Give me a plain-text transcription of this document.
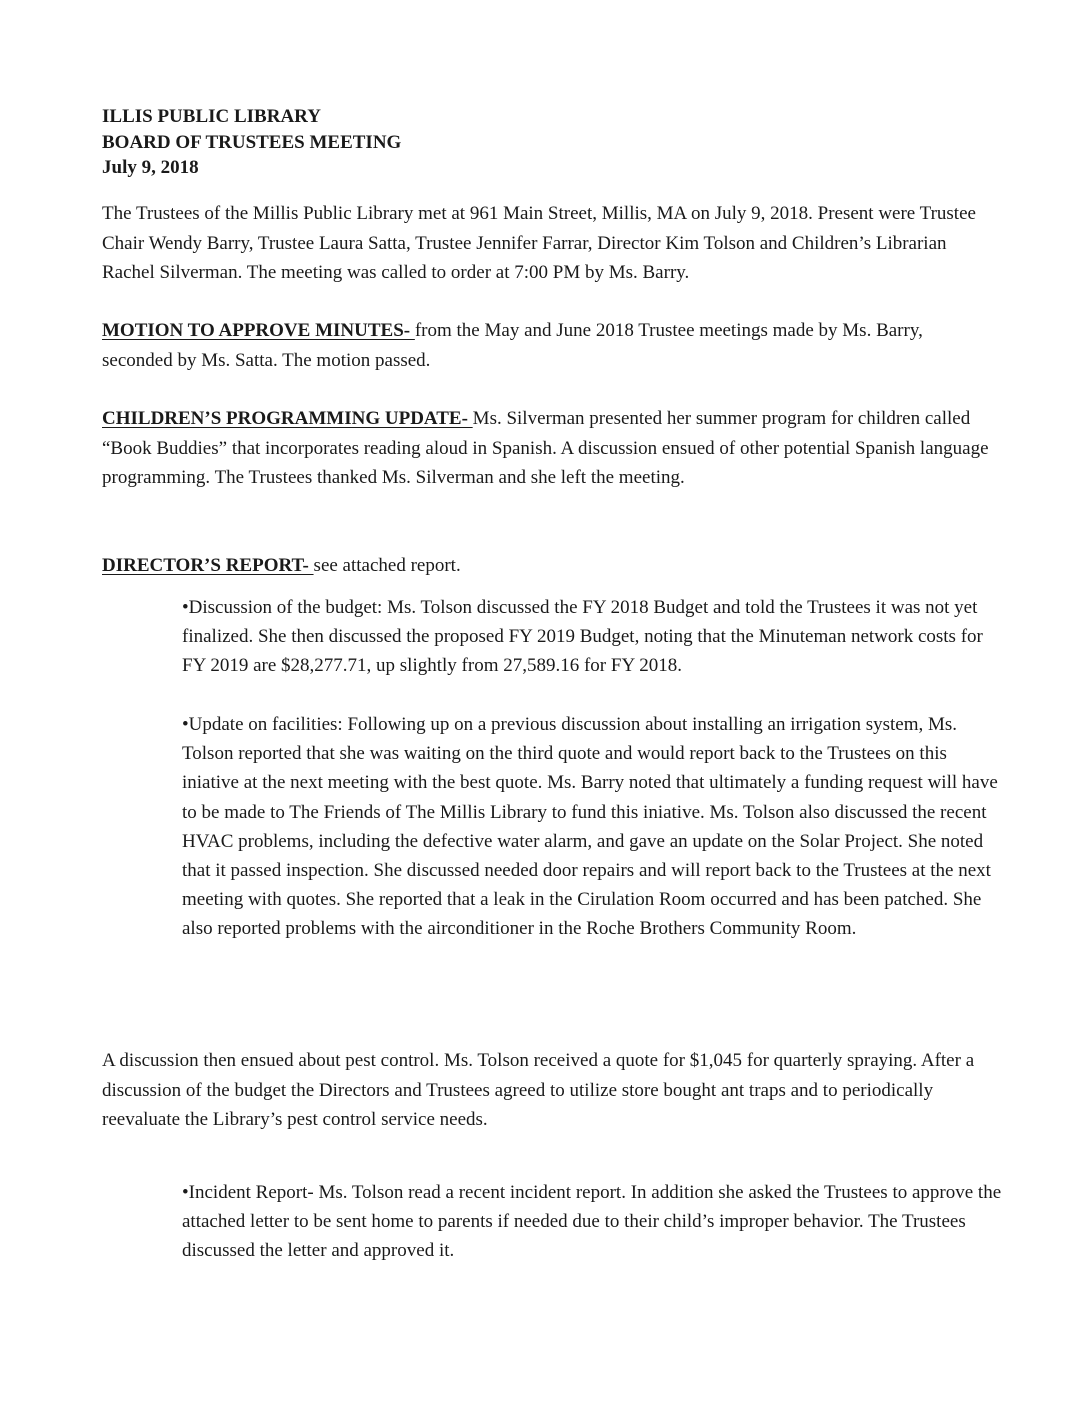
ILLIS PUBLIC LIBRARY
BOARD OF TRUSTEES MEETING
July 9, 2018

The Trustees of the Millis Public Library met at 961 Main Street, Millis, MA on July 9, 2018. Present were Trustee Chair Wendy Barry, Trustee Laura Satta, Trustee Jennifer Farrar, Director Kim Tolson and Children’s Librarian Rachel Silverman. The meeting was called to order at 7:00 PM by Ms. Barry.

MOTION TO APPROVE MINUTES- from the May and June 2018 Trustee meetings made by Ms. Barry, seconded by Ms. Satta. The motion passed.

CHILDREN’S PROGRAMMING UPDATE- Ms. Silverman presented her summer program for children called “Book Buddies” that incorporates reading aloud in Spanish. A discussion ensued of other potential Spanish language programming. The Trustees thanked Ms. Silverman and she left the meeting.

DIRECTOR’S REPORT- see attached report.

•Discussion of the budget: Ms. Tolson discussed the FY 2018 Budget and told the Trustees it was not yet finalized. She then discussed the proposed FY 2019 Budget, noting that the Minuteman network costs for FY 2019 are $28,277.71, up slightly from 27,589.16 for FY 2018.

•Update on facilities: Following up on a previous discussion about installing an irrigation system, Ms. Tolson reported that she was waiting on the third quote and would report back to the Trustees on this iniative at the next meeting with the best quote. Ms. Barry noted that ultimately a funding request will have to be made to The Friends of The Millis Library to fund this iniative. Ms. Tolson also discussed the recent HVAC problems, including the defective water alarm, and gave an update on the Solar Project. She noted that it passed inspection. She discussed needed door repairs and will report back to the Trustees at the next meeting with quotes. She reported that a leak in the Cirulation Room occurred and has been patched. She also reported problems with the airconditioner in the Roche Brothers Community Room.

A discussion then ensued about pest control. Ms. Tolson received a quote for $1,045 for quarterly spraying. After a discussion of the budget the Directors and Trustees agreed to utilize store bought ant traps and to periodically reevaluate the Library’s pest control service needs.

•Incident Report- Ms. Tolson read a recent incident report. In addition she asked the Trustees to approve the attached letter to be sent home to parents if needed due to their child’s improper behavior. The Trustees discussed the letter and approved it.
